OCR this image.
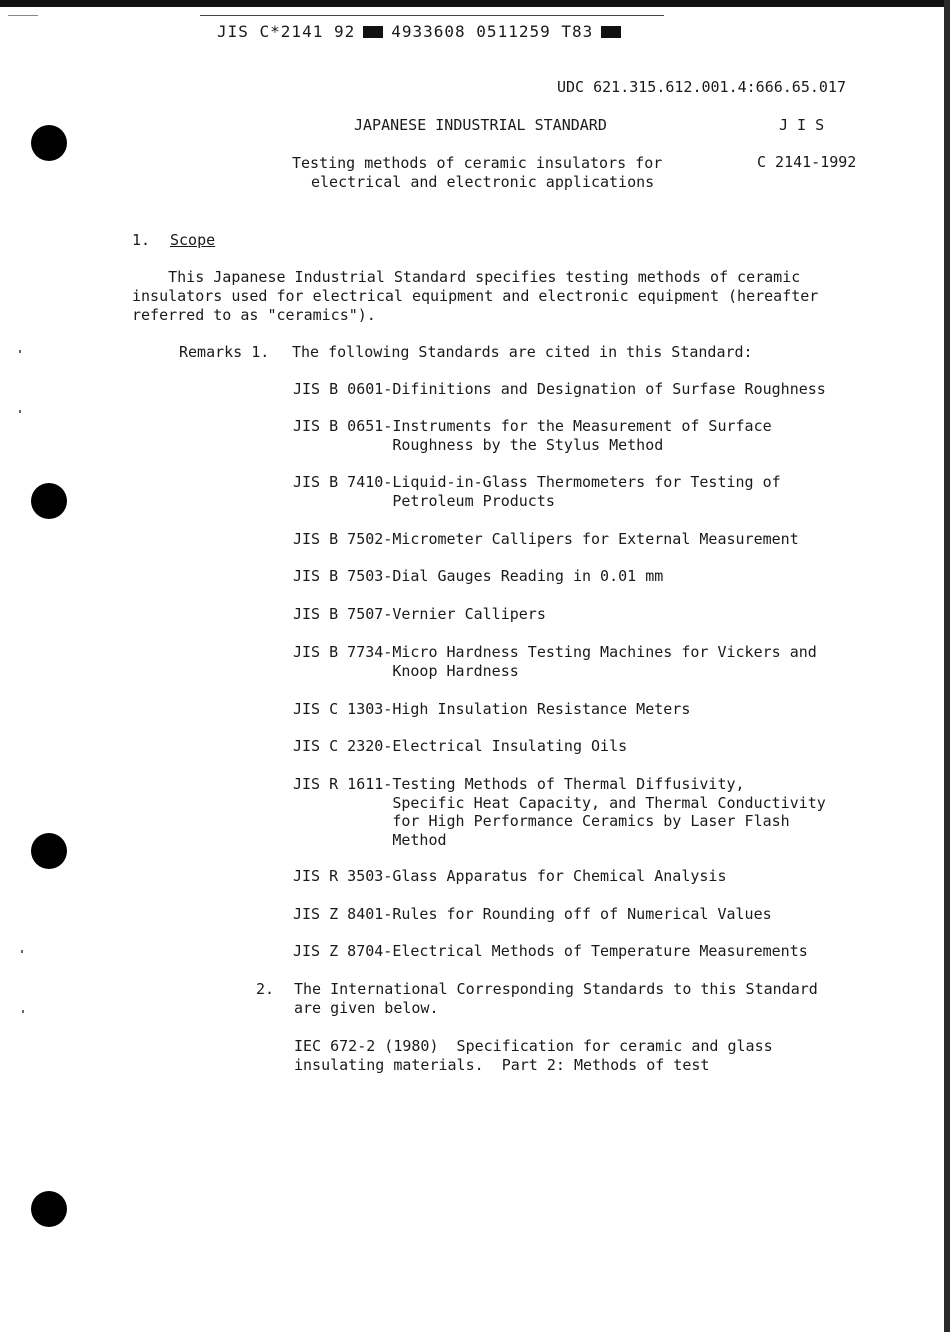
JIS C*2141 92 4933608 0511259 T83
UDC 621.315.612.001.4:666.65.017
JAPANESE INDUSTRIAL STANDARD	J I S
Testing methods of ceramic insulators for
electrical and electronic applications
C 2141-1992
1. Scope
This Japanese Industrial Standard specifies testing methods of ceramic
insulators used for electrical equipment and electronic equipment (hereafter
referred to as "ceramics").
Remarks 1. The following Standards are cited in this Standard:
JIS B 0601-Difinitions and Designation of Surfase Roughness
JIS B 0651-Instruments for the Measurement of Surface
Roughness by the Stylus Method
JIS B 7410-Liquid-in-Glass Thermometers for Testing of
Petroleum Products
JIS B 7502-Micrometer Callipers for External Measurement
JIS B 7503-Dial Gauges Reading in 0.01 mm
JIS B 7507-Vernier Callipers
JIS B 7734-Micro Hardness Testing Machines for Vickers and
Knoop Hardness
JIS C 1303-High Insulation Resistance Meters
JIS C 2320-Electrical Insulating Oils
JIS R 1611-Testing Methods of Thermal Diffusivity,
Specific Heat Capacity, and Thermal Conductivity
for High Performance Ceramics by Laser Flash
Method
JIS R 3503-Glass Apparatus for Chemical Analysis
JIS Z 8401-Rules for Rounding off of Numerical Values
JIS Z 8704-Electrical Methods of Temperature Measurements
2. The International Corresponding Standards to this Standard
are given below.
IEC 672-2 (1980)  Specification for ceramic and glass
insulating materials.  Part 2: Methods of test
